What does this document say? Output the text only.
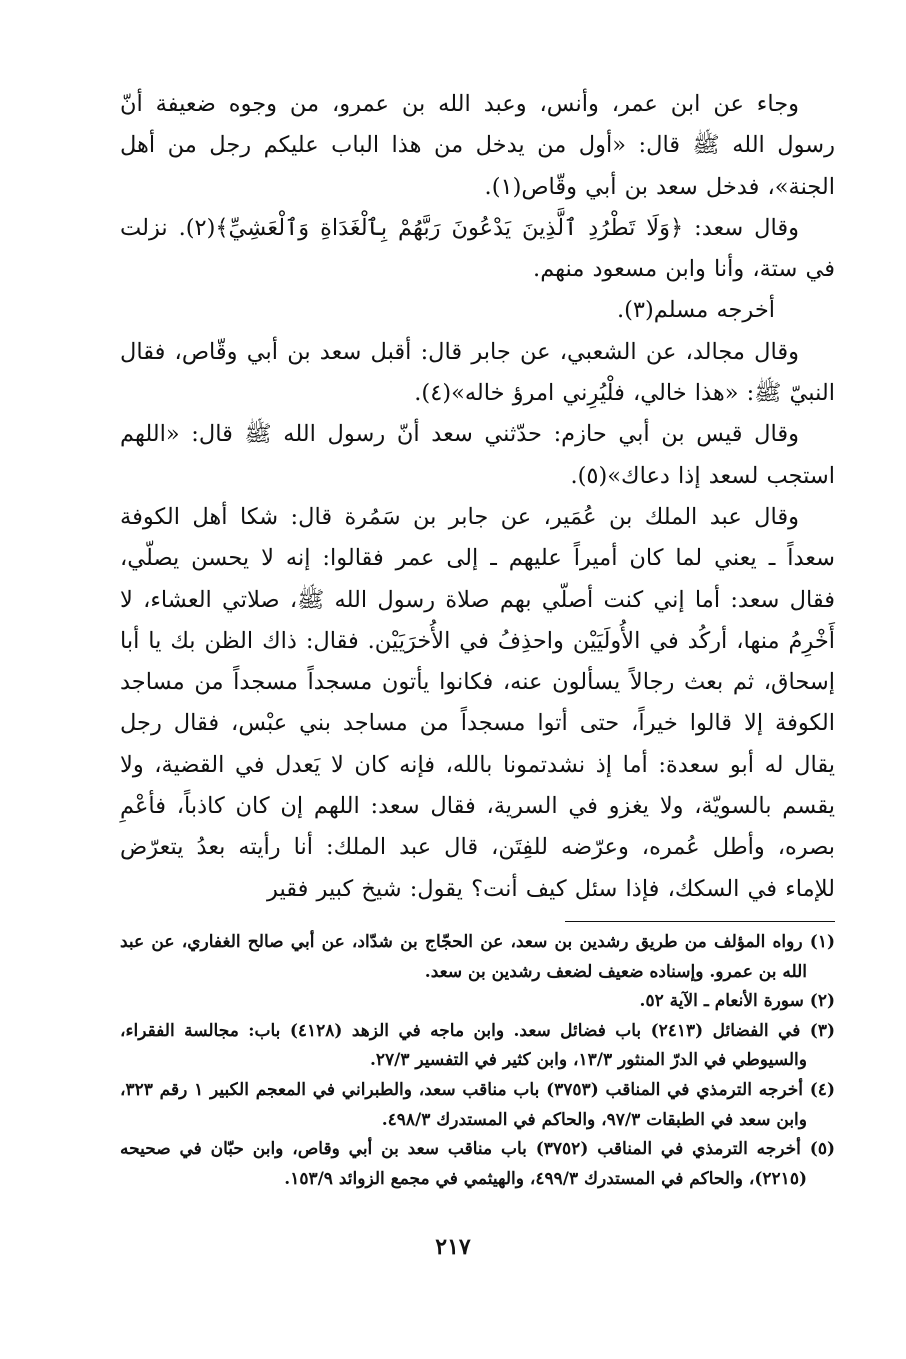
وجاء عن ابن عمر، وأنس، وعبد الله بن عمرو، من وجوه ضعيفة أنّ رسول الله ﷺ قال: «أول من يدخل من هذا الباب عليكم رجل من أهل الجنة»، فدخل سعد بن أبي وقّاص(١).

وقال سعد: ﴿وَلَا تَطْرُدِ ٱلَّذِينَ يَدْعُونَ رَبَّهُمْ بِٱلْغَدَاةِ وَٱلْعَشِيِّ﴾(٢). نزلت في ستة، وأنا وابن مسعود منهم.

أخرجه مسلم(٣).

وقال مجالد، عن الشعبي، عن جابر قال: أقبل سعد بن أبي وقّاص، فقال النبيّ ﷺ: «هذا خالي، فلْيُرِني امرؤ خاله»(٤).

وقال قيس بن أبي حازم: حدّثني سعد أنّ رسول الله ﷺ قال: «اللهم استجب لسعد إذا دعاك»(٥).

وقال عبد الملك بن عُمَير، عن جابر بن سَمُرة قال: شكا أهل الكوفة سعداً ـ يعني لما كان أميراً عليهم ـ إلى عمر فقالوا: إنه لا يحسن يصلّي، فقال سعد: أما إني كنت أصلّي بهم صلاة رسول الله ﷺ، صلاتي العشاء، لا أَخْرِمُ منها، أركُد في الأُولَيَيْن واحذِفُ في الأُخرَيَيْن. فقال: ذاك الظن بك يا أبا إسحاق، ثم بعث رجالاً يسألون عنه، فكانوا يأتون مسجداً مسجداً من مساجد الكوفة إلا قالوا خيراً، حتى أتوا مسجداً من مساجد بني عبْس، فقال رجل يقال له أبو سعدة: أما إذ نشدتمونا بالله، فإنه كان لا يَعدل في القضية، ولا يقسم بالسويّة، ولا يغزو في السرية، فقال سعد: اللهم إن كان كاذباً، فأعْمِ بصره، وأطل عُمره، وعرّضه للفِتَن، قال عبد الملك: أنا رأيته بعدُ يتعرّض للإماء في السكك، فإذا سئل كيف أنت؟ يقول: شيخ كبير فقير

(١) رواه المؤلف من طريق رشدين بن سعد، عن الحجّاج بن شدّاد، عن أبي صالح الغفاري، عن عبد الله بن عمرو. وإسناده ضعيف لضعف رشدين بن سعد.

(٢) سورة الأنعام ـ الآية ٥٢.

(٣) في الفضائل (٢٤١٣) باب فضائل سعد. وابن ماجه في الزهد (٤١٢٨) باب: مجالسة الفقراء، والسيوطي في الدرّ المنثور ١٣/٣، وابن كثير في التفسير ٢٧/٣.

(٤) أخرجه الترمذي في المناقب (٣٧٥٣) باب مناقب سعد، والطبراني في المعجم الكبير ١ رقم ٣٢٣، وابن سعد في الطبقات ٩٧/٣، والحاكم في المستدرك ٤٩٨/٣.

(٥) أخرجه الترمذي في المناقب (٣٧٥٢) باب مناقب سعد بن أبي وقاص، وابن حبّان في صحيحه (٢٢١٥)، والحاكم في المستدرك ٤٩٩/٣، والهيثمي في مجمع الزوائد ١٥٣/٩.

٢١٧
